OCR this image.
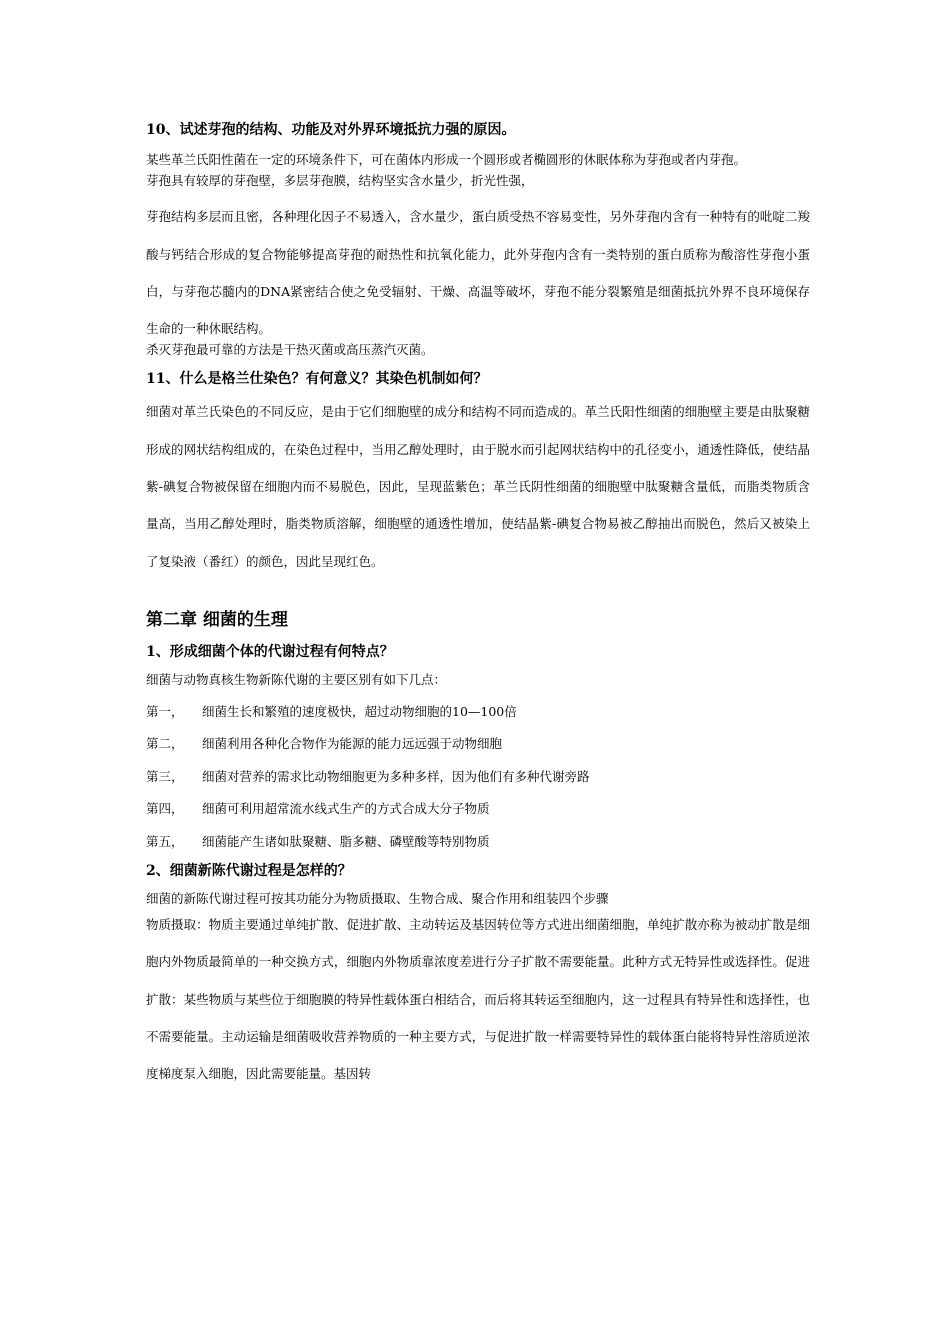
10、试述芽孢的结构、功能及对外界环境抵抗力强的原因。

某些革兰氏阳性菌在一定的环境条件下，可在菌体内形成一个圆形或者椭圆形的休眠体称为芽孢或者内芽孢。

芽孢具有较厚的芽孢壁，多层芽孢膜，结构坚实含水量少，折光性强，

芽孢结构多层而且密，各种理化因子不易透入，含水量少，蛋白质受热不容易变性，另外芽孢内含有一种特有的吡啶二羧酸与钙结合形成的复合物能够提高芽孢的耐热性和抗氧化能力，此外芽孢内含有一类特别的蛋白质称为酸溶性芽孢小蛋白，与芽孢芯髓内的DNA紧密结合使之免受辐射、干燥、高温等破坏，芽孢不能分裂繁殖是细菌抵抗外界不良环境保存生命的一种休眠结构。

杀灭芽孢最可靠的方法是干热灭菌或高压蒸汽灭菌。

11、什么是格兰仕染色？有何意义？其染色机制如何？

细菌对革兰氏染色的不同反应，是由于它们细胞壁的成分和结构不同而造成的。革兰氏阳性细菌的细胞壁主要是由肽聚糖形成的网状结构组成的，在染色过程中，当用乙醇处理时，由于脱水而引起网状结构中的孔径变小，通透性降低，使结晶紫-碘复合物被保留在细胞内而不易脱色，因此，呈现蓝紫色；革兰氏阴性细菌的细胞壁中肽聚糖含量低，而脂类物质含量高，当用乙醇处理时，脂类物质溶解，细胞壁的通透性增加，使结晶紫-碘复合物易被乙醇抽出而脱色，然后又被染上了复染液（番红）的颜色，因此呈现红色。

第二章 细菌的生理
1、形成细菌个体的代谢过程有何特点？

细菌与动物真核生物新陈代谢的主要区别有如下几点：

第一， 细菌生长和繁殖的速度极快，超过动物细胞的10—100倍
第二， 细菌利用各种化合物作为能源的能力远远强于动物细胞
第三， 细菌对营养的需求比动物细胞更为多种多样，因为他们有多种代谢旁路
第四， 细菌可利用超常流水线式生产的方式合成大分子物质
第五， 细菌能产生诸如肽聚糖、脂多糖、磷壁酸等特别物质
2、细菌新陈代谢过程是怎样的？

细菌的新陈代谢过程可按其功能分为物质摄取、生物合成、聚合作用和组装四个步骤

物质摄取：物质主要通过单纯扩散、促进扩散、主动转运及基因转位等方式进出细菌细胞，单纯扩散亦称为被动扩散是细胞内外物质最简单的一种交换方式，细胞内外物质靠浓度差进行分子扩散不需要能量。此种方式无特异性或选择性。促进扩散：某些物质与某些位于细胞膜的特异性载体蛋白相结合，而后将其转运至细胞内，这一过程具有特异性和选择性，也不需要能量。主动运输是细菌吸收营养物质的一种主要方式，与促进扩散一样需要特异性的载体蛋白能将特异性溶质逆浓度梯度泵入细胞，因此需要能量。基因转
